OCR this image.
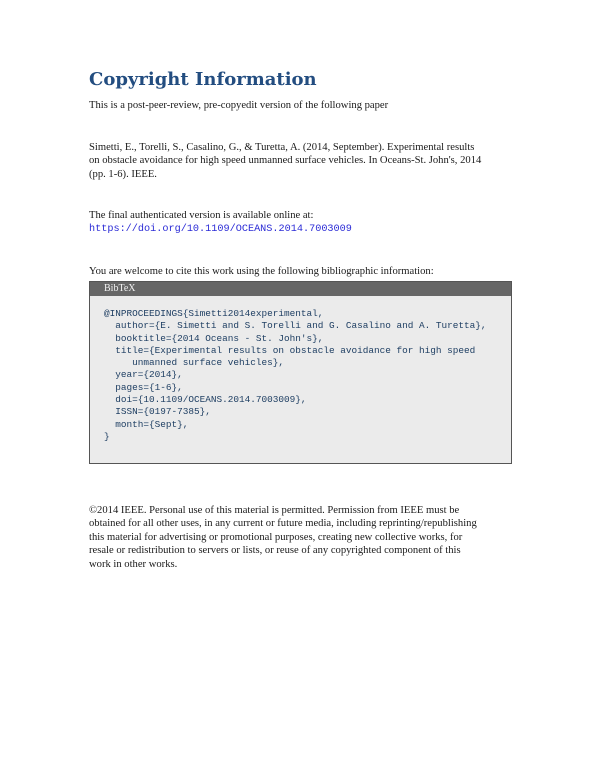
Copyright Information

This is a post-peer-review, pre-copyedit version of the following paper

Simetti, E., Torelli, S., Casalino, G., & Turetta, A. (2014, September). Experimental results
on obstacle avoidance for high speed unmanned surface vehicles. In Oceans-St. John's, 2014
(pp. 1-6). IEEE.

The final authenticated version is available online at:
https://doi.org/10.1109/OCEANS.2014.7003009

You are welcome to cite this work using the following bibliographic information:

BibTeX
@INPROCEEDINGS{Simetti2014experimental,
author={E. Simetti and S. Torelli and G. Casalino and A. Turetta},
booktitle={2014 Oceans - St. John's},
title={Experimental results on obstacle avoidance for high speed
unmanned surface vehicles},
year={2014},
pages={1-6},
doi={10.1109/OCEANS.2014.7003009},
ISSN={0197-7385},
month={Sept},
}

©2014 IEEE. Personal use of this material is permitted. Permission from IEEE must be
obtained for all other uses, in any current or future media, including reprinting/republishing
this material for advertising or promotional purposes, creating new collective works, for
resale or redistribution to servers or lists, or reuse of any copyrighted component of this
work in other works.
